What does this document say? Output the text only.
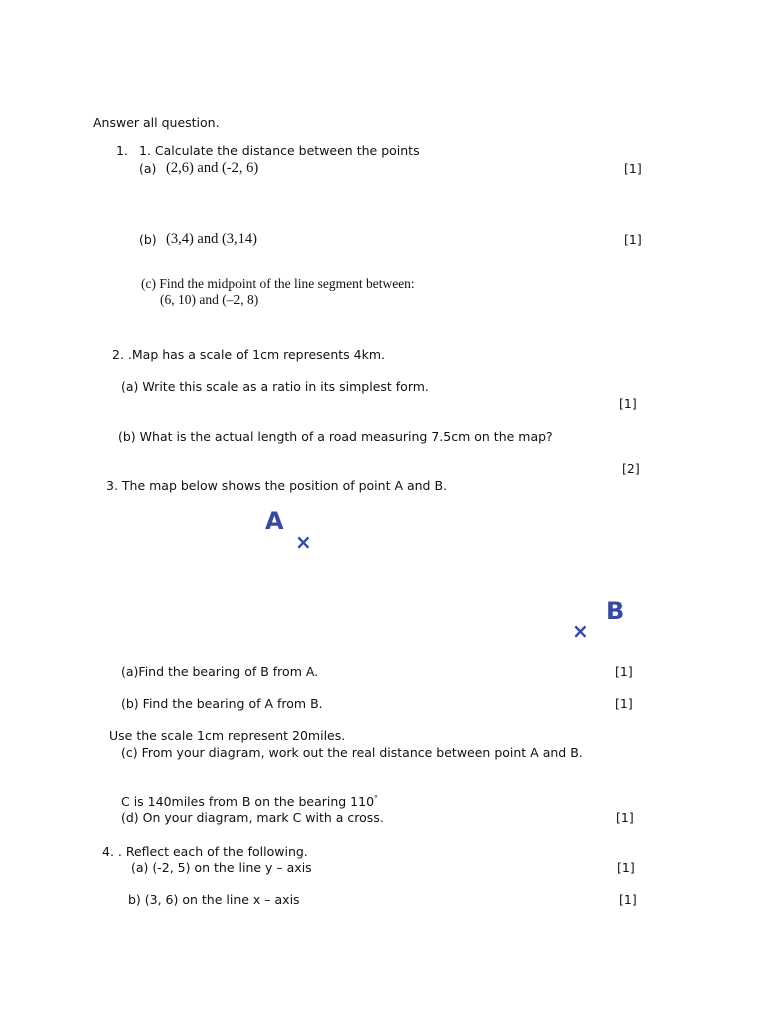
Answer all question.
1. 1. Calculate the distance between the points
(a) (2,6) and (-2, 6)	[1]
(b) (3,4) and (3,14)	[1]
(c) Find the midpoint of the line segment between:
(6, 10) and (–2, 8)
2. .Map has a scale of 1cm represents 4km.
(a) Write this scale as a ratio in its simplest form.
[1]
(b) What is the actual length of a road measuring 7.5cm on the map?
[2]
3. The map below shows the position of point A and B.
A
×
B
×
(a)Find the bearing of B from A.	[1]
(b) Find the bearing of A from B.	[1]
Use the scale 1cm represent 20miles.
(c) From your diagram, work out the real distance between point A and B.
C is 140miles from B on the bearing 110°
(d) On your diagram, mark C with a cross.	[1]
4. . Reflect each of the following.
(a) (-2, 5) on the line y – axis	[1]
b) (3, 6) on the line x – axis	[1]
